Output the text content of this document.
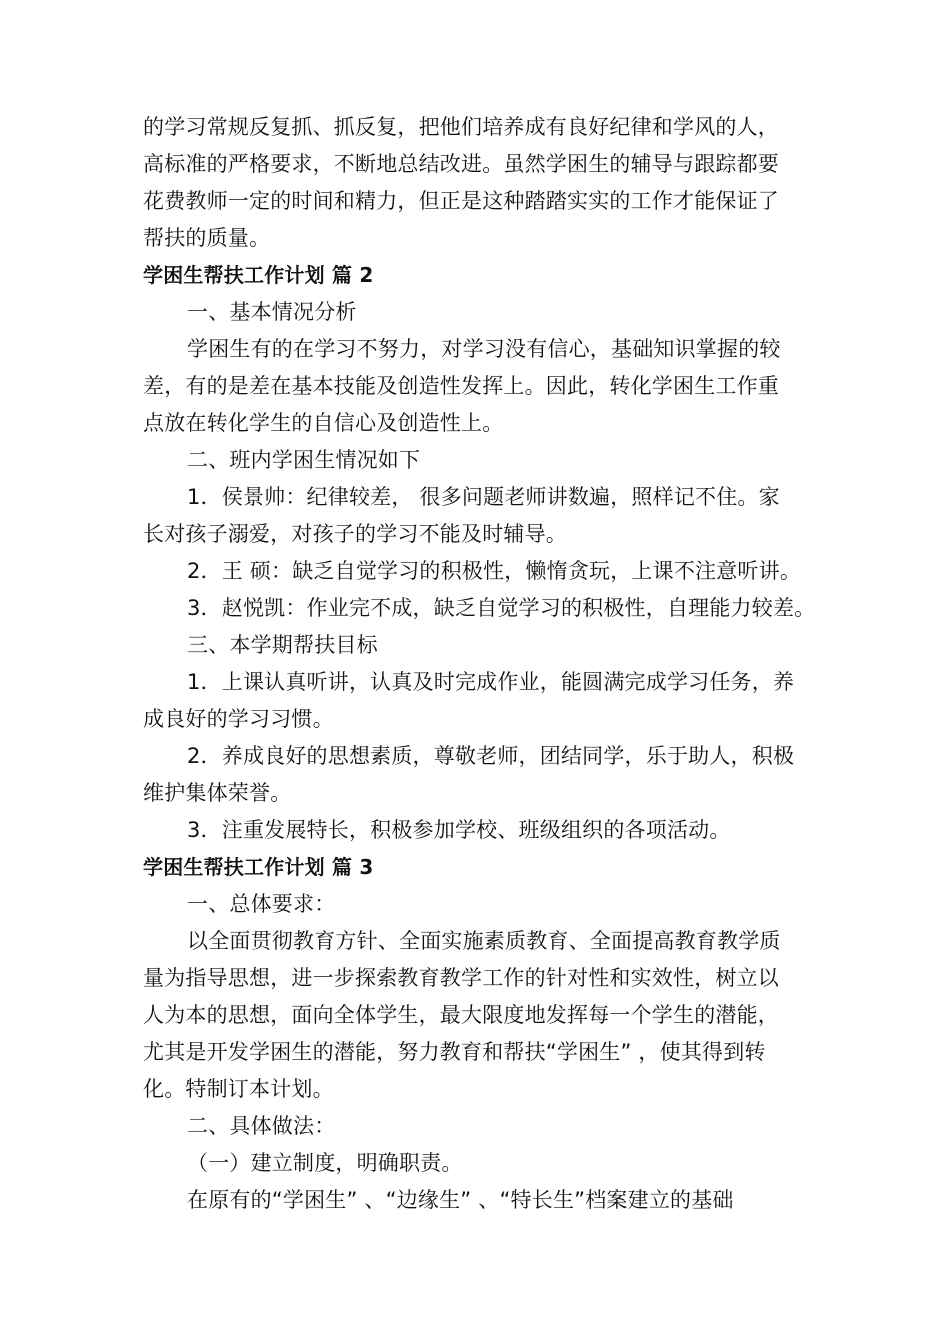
的学习常规反复抓、抓反复，把他们培养成有良好纪律和学风的人，
高标准的严格要求，不断地总结改进。虽然学困生的辅导与跟踪都要
花费教师一定的时间和精力，但正是这种踏踏实实的工作才能保证了
帮扶的质量。
学困生帮扶工作计划 篇 2
一、基本情况分析
学困生有的在学习不努力，对学习没有信心，基础知识掌握的较
差，有的是差在基本技能及创造性发挥上。因此，转化学困生工作重
点放在转化学生的自信心及创造性上。
二、班内学困生情况如下
1．侯景帅：纪律较差， 很多问题老师讲数遍，照样记不住。家
长对孩子溺爱，对孩子的学习不能及时辅导。
2．王 硕：缺乏自觉学习的积极性，懒惰贪玩，上课不注意听讲。
3．赵悦凯：作业完不成，缺乏自觉学习的积极性，自理能力较差。
三、本学期帮扶目标
1．上课认真听讲，认真及时完成作业，能圆满完成学习任务，养
成良好的学习习惯。
2．养成良好的思想素质，尊敬老师，团结同学，乐于助人，积极
维护集体荣誉。
3．注重发展特长，积极参加学校、班级组织的各项活动。
学困生帮扶工作计划 篇 3
一、总体要求：
以全面贯彻教育方针、全面实施素质教育、全面提高教育教学质
量为指导思想，进一步探索教育教学工作的针对性和实效性，树立以
人为本的思想，面向全体学生，最大限度地发挥每一个学生的潜能，
尤其是开发学困生的潜能，努力教育和帮扶“学困生” ，使其得到转
化。特制订本计划。
二、具体做法：
（一）建立制度，明确职责。
在原有的“学困生” 、“边缘生” 、“特长生”档案建立的基础
